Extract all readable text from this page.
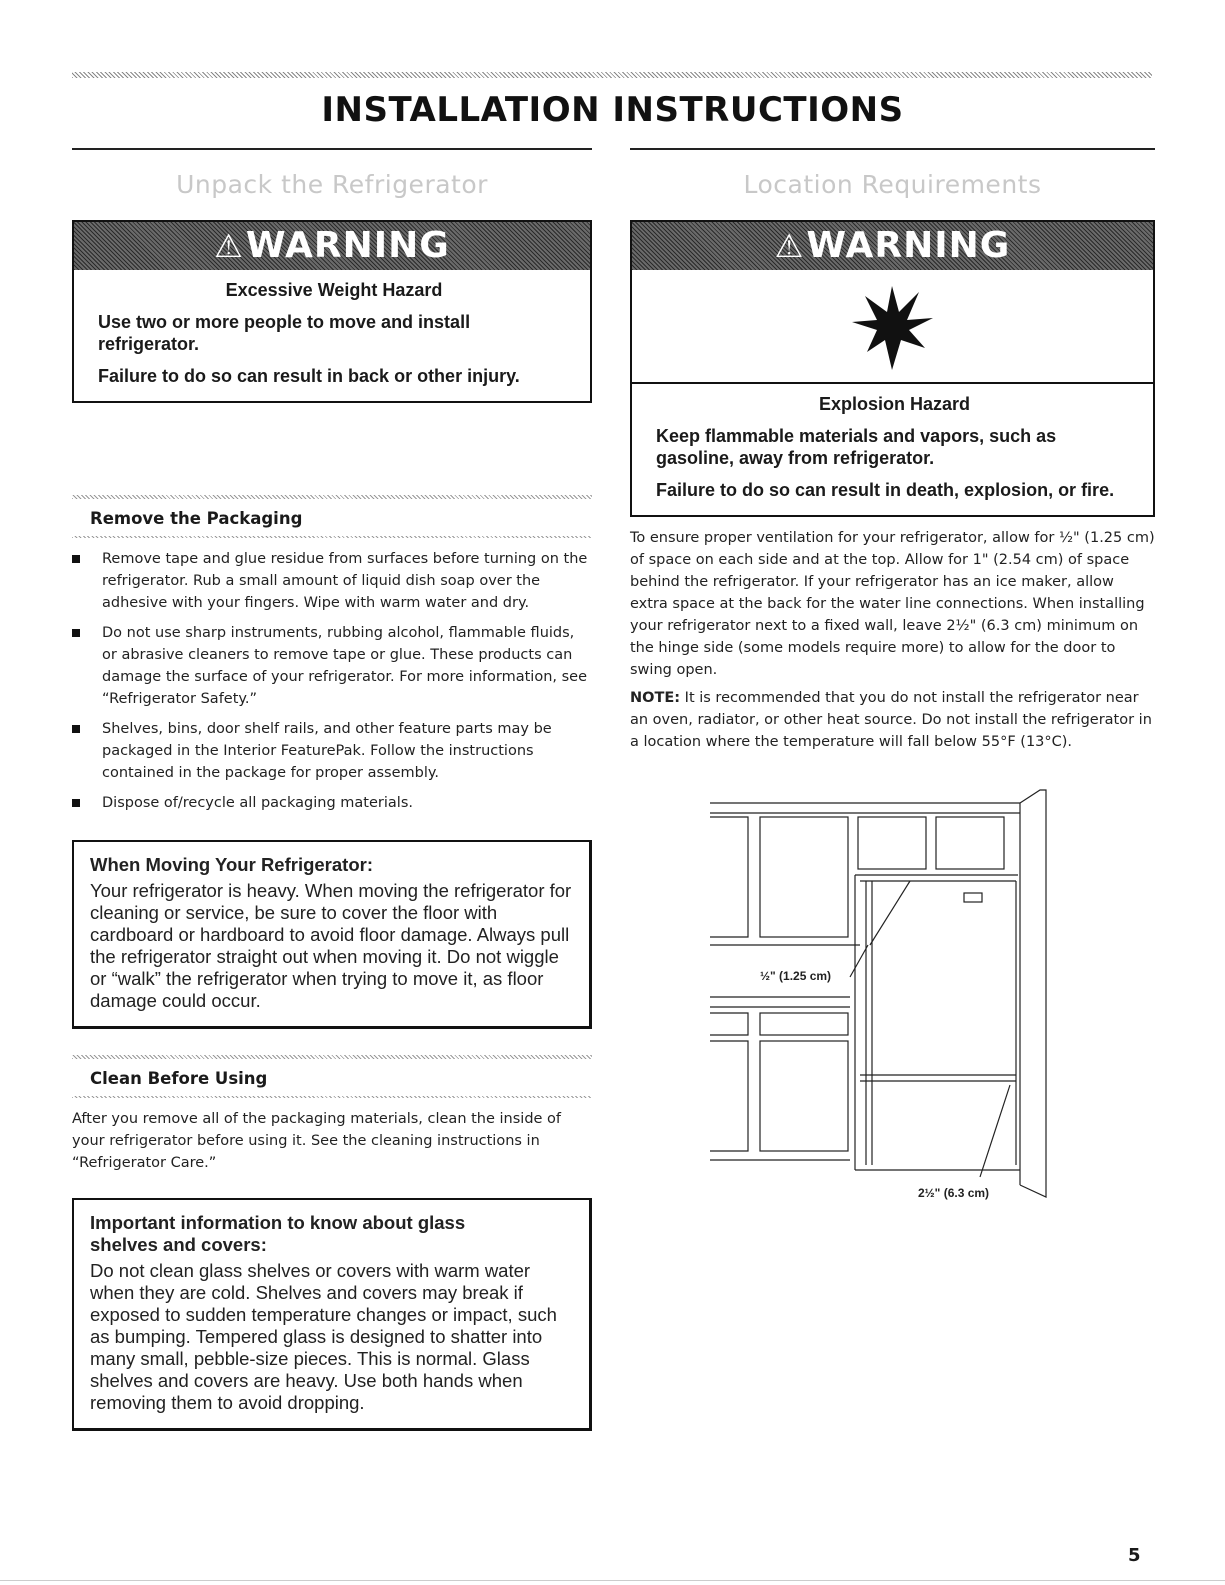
INSTALLATION INSTRUCTIONS
Unpack the Refrigerator
⚠WARNING
Excessive Weight Hazard
Use two or more people to move and install refrigerator.
Failure to do so can result in back or other injury.
Remove the Packaging
Remove tape and glue residue from surfaces before turning on the refrigerator. Rub a small amount of liquid dish soap over the adhesive with your fingers. Wipe with warm water and dry.
Do not use sharp instruments, rubbing alcohol, flammable fluids, or abrasive cleaners to remove tape or glue. These products can damage the surface of your refrigerator. For more information, see “Refrigerator Safety.”
Shelves, bins, door shelf rails, and other feature parts may be packaged in the Interior FeaturePak. Follow the instructions contained in the package for proper assembly.
Dispose of/recycle all packaging materials.
When Moving Your Refrigerator:
Your refrigerator is heavy. When moving the refrigerator for cleaning or service, be sure to cover the floor with cardboard or hardboard to avoid floor damage. Always pull the refrigerator straight out when moving it. Do not wiggle or “walk” the refrigerator when trying to move it, as floor damage could occur.
Clean Before Using

After you remove all of the packaging materials, clean the inside of your refrigerator before using it. See the cleaning instructions in “Refrigerator Care.”

Important information to know about glass shelves and covers:
Do not clean glass shelves or covers with warm water when they are cold. Shelves and covers may break if exposed to sudden temperature changes or impact, such as bumping. Tempered glass is designed to shatter into many small, pebble-size pieces. This is normal. Glass shelves and covers are heavy. Use both hands when removing them to avoid dropping.
Location Requirements
⚠WARNING
Explosion Hazard
Keep flammable materials and vapors, such as gasoline, away from refrigerator.
Failure to do so can result in death, explosion, or fire.

To ensure proper ventilation for your refrigerator, allow for ½" (1.25 cm) of space on each side and at the top. Allow for 1" (2.54 cm) of space behind the refrigerator. If your refrigerator has an ice maker, allow extra space at the back for the water line connections. When installing your refrigerator next to a fixed wall, leave 2½" (6.3 cm) minimum on the hinge side (some models require more) to allow for the door to swing open.

NOTE: It is recommended that you do not install the refrigerator near an oven, radiator, or other heat source. Do not install the refrigerator in a location where the temperature will fall below 55°F (13°C).

½" (1.25 cm)
2½" (6.3 cm)
5
